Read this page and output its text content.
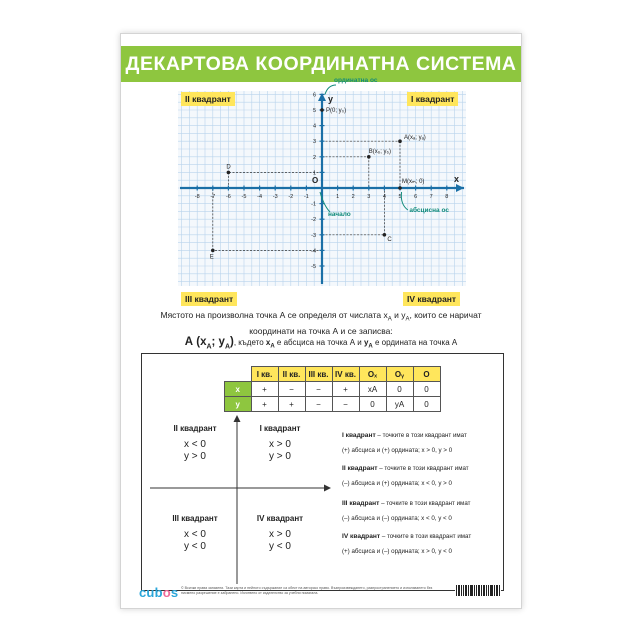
ДЕКАРТОВА КООРДИНАТНА СИСТЕМА
x
y
O
-8 -7 -6 -5 -4 -3 -2 -1	1 2 3 4 5 6 7 8
6
5
4
3
2
1
-1
-2
-3
-4
-5
P(0; y₀)
A(xₐ; yₐ)
B(x₆; y₆)
M(xₘ; 0)
C
D
E
ординатна ос
абсцисна ос
начало
II квадрант	I квадрант
III квадрант	IV квадрант
Мястото на произволна точка А се определя от числата $x_A$ и $y_A$, които се наричат
координати на точка А и се записва:
А ($x_A$; $y_A$), където $x_A$ е абсциса на точка А и $y_A$ е ордината на точка А
	I кв.	II кв.	III кв.	IV кв.	Oₓ	Oᵧ	O
x	+	−	−	+	xA	0	0
y	+	+	−	−	0	yA	0
II квадрант
x < 0
y > 0
I квадрант
x > 0
y > 0
III квадрант
x < 0
y < 0
IV квадрант
x > 0
y < 0
I квадрант – точките в този квадрант имат
(+) абсциса и (+) ордината; x > 0, y > 0
II квадрант – точките в този квадрант имат
(–) абсциса и (+) ордината; x < 0, y > 0
III квадрант – точките в този квадрант имат
(–) абсциса и (–) ордината; x < 0, y < 0
IV квадрант – точките в този квадрант имат
(+) абсциса и (–) ордината; x > 0, y < 0
cubos © Всички права запазени. Тази карта и нейното съдържание са обект на авторско право. Възпроизвеждането, разпространението и използването без писмено разрешение е забранено. Изготвено от издателство за учебни помагала.
